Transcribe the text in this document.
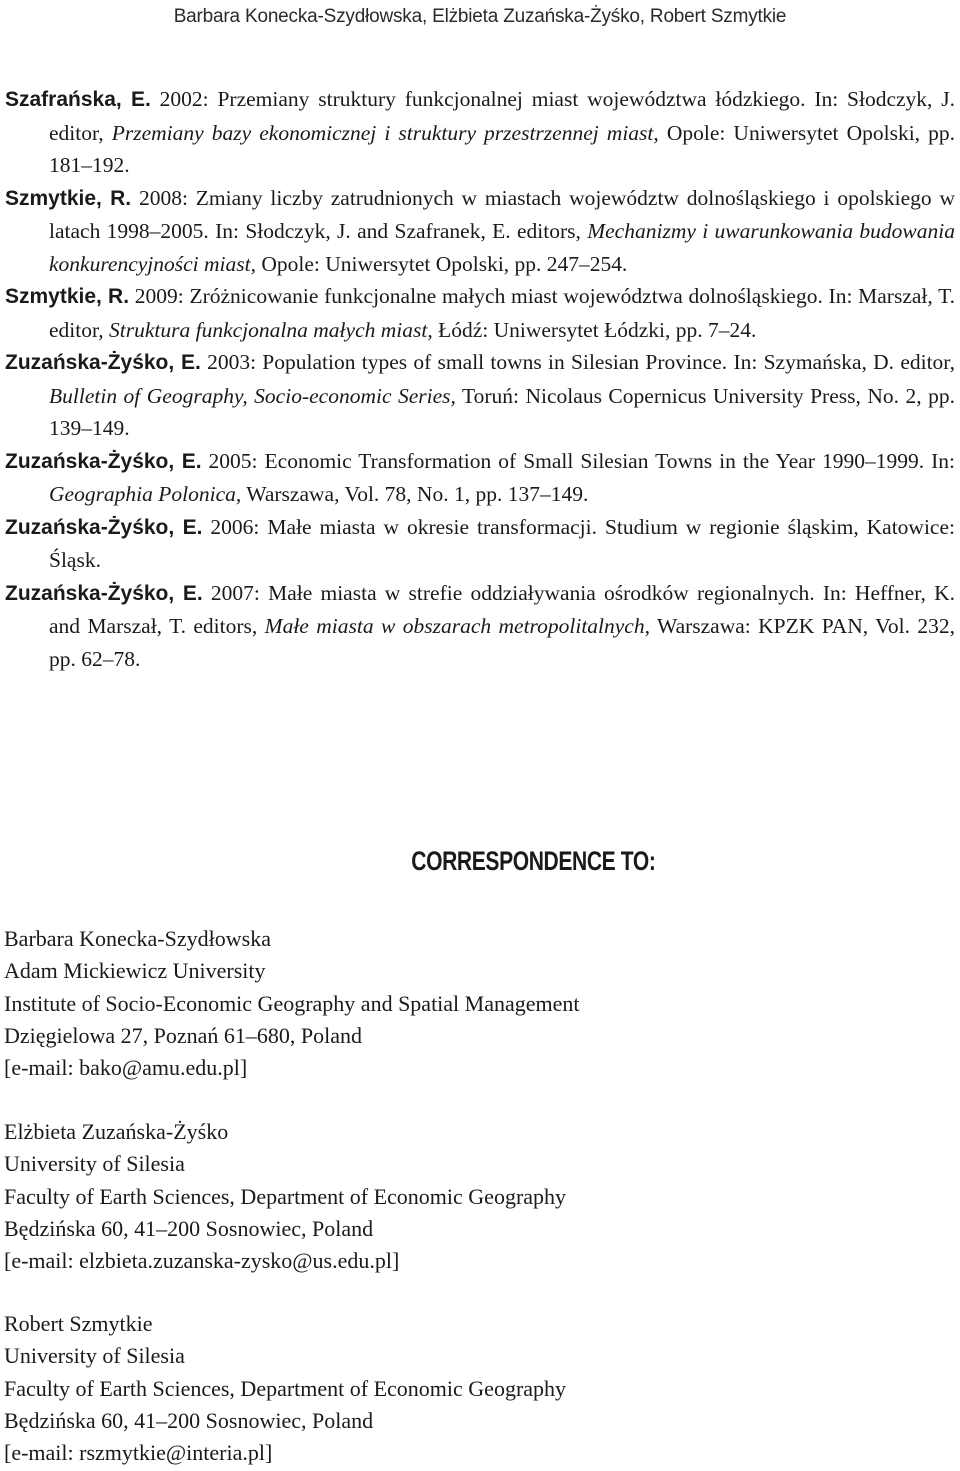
Barbara Konecka-Szydłowska, Elżbieta Zuzańska-Żyśko, Robert Szmytkie

Szafrańska, E. 2002: Przemiany struktury funkcjonalnej miast województwa łódzkiego. In: Słodczyk, J. editor, Przemiany bazy ekonomicznej i struktury przestrzennej miast, Opole: Uniwersytet Opolski, pp. 181–192.

Szmytkie, R. 2008: Zmiany liczby zatrudnionych w miastach województw dolnośląskiego i opolskiego w latach 1998–2005. In: Słodczyk, J. and Szafranek, E. editors, Mechanizmy i uwarunkowania budowania konkurencyjności miast, Opole: Uniwersytet Opolski, pp. 247–254.

Szmytkie, R. 2009: Zróżnicowanie funkcjonalne małych miast województwa dolnośląskiego. In: Marszał, T. editor, Struktura funkcjonalna małych miast, Łódź: Uniwersytet Łódzki, pp. 7–24.

Zuzańska-Żyśko, E. 2003: Population types of small towns in Silesian Province. In: Szymańska, D. editor, Bulletin of Geography, Socio-economic Series, Toruń: Nicolaus Copernicus University Press, No. 2, pp. 139–149.

Zuzańska-Żyśko, E. 2005: Economic Transformation of Small Silesian Towns in the Year 1990–1999. In: Geographia Polonica, Warszawa, Vol. 78, No. 1, pp. 137–149.

Zuzańska-Żyśko, E. 2006: Małe miasta w okresie transformacji. Studium w regionie śląskim, Katowice: Śląsk.

Zuzańska-Żyśko, E. 2007: Małe miasta w strefie oddziaływania ośrodków regionalnych. In: Heffner, K. and Marszał, T. editors, Małe miasta w obszarach metropolitalnych, Warszawa: KPZK PAN, Vol. 232, pp. 62–78.

CORRESPONDENCE TO:
Barbara Konecka-Szydłowska
Adam Mickiewicz University
Institute of Socio-Economic Geography and Spatial Management
Dzięgielowa 27, Poznań 61–680, Poland
[e-mail: bako@amu.edu.pl]
Elżbieta Zuzańska-Żyśko
University of Silesia
Faculty of Earth Sciences, Department of Economic Geography
Będzińska 60, 41–200 Sosnowiec, Poland
[e-mail: elzbieta.zuzanska-zysko@us.edu.pl]
Robert Szmytkie
University of Silesia
Faculty of Earth Sciences, Department of Economic Geography
Będzińska 60, 41–200 Sosnowiec, Poland
[e-mail: rszmytkie@interia.pl]
